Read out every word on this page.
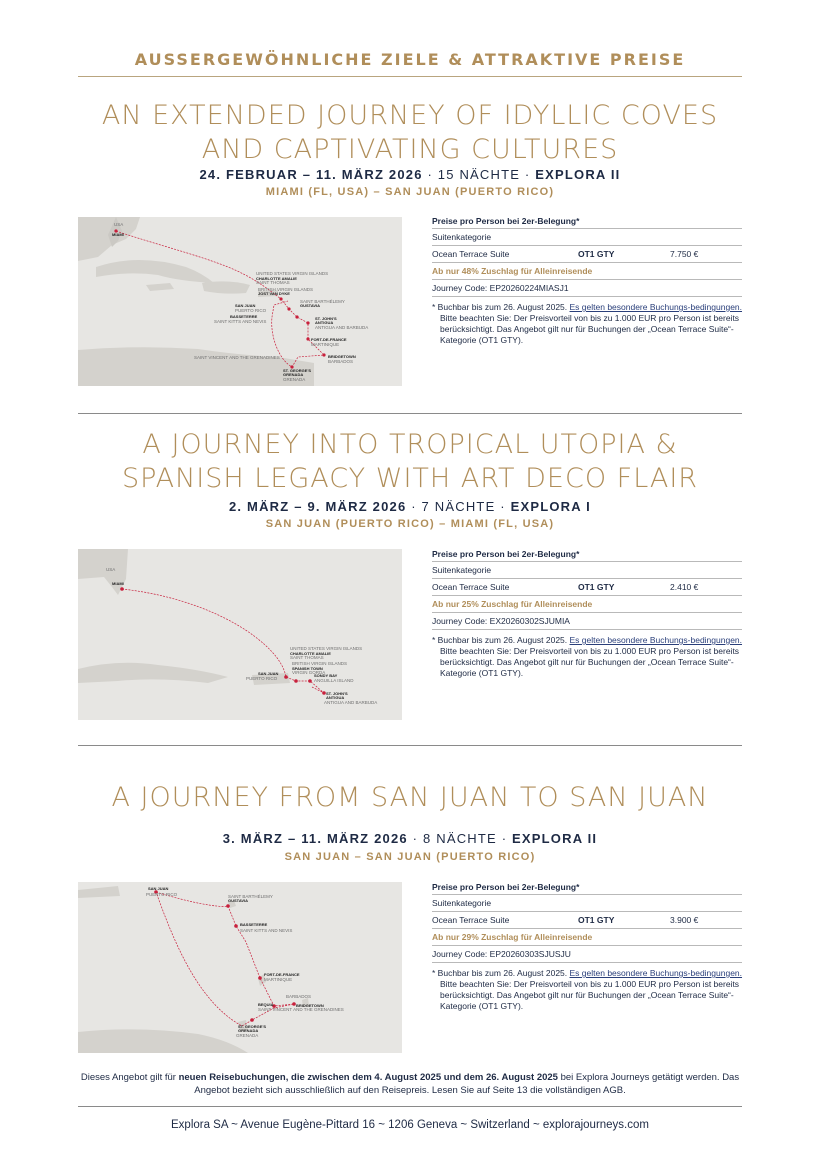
AUSSERGEWÖHNLICHE ZIELE & ATTRAKTIVE PREISE
AN EXTENDED JOURNEY OF IDYLLIC COVES
AND CAPTIVATING CULTURES
24. FEBRUAR – 11. MÄRZ 2026 · 15 NÄCHTE · EXPLORA II
MIAMI (FL, USA) – SAN JUAN (PUERTO RICO)
USA
MIAMI
UNITED STATES VIRGIN ISLANDS
CHARLOTTE AMALIE
SAINT THOMAS
BRITISH VIRGIN ISLANDS
JOST VAN DYKE
SAINT BARTHÉLEMY
GUSTAVIA
SAN JUAN
PUERTO RICO
BASSETERRE
SAINT KITTS AND NEVIS
ST. JOHN'S
ANTIGUA
ANTIGUA AND BARBUDA
FORT-DE-FRANCE
MARTINIQUE
BRIDGETOWN
BARBADOS
SAINT VINCENT AND THE GRENADINES
ST. GEORGE'S
GRENADA
GRENADA
Preise pro Person bei 2er-Belegung*
Suitenkategorie
Ocean Terrace Suite	OT1 GTY	7.750 €
Ab nur 48% Zuschlag für Alleinreisende
Journey Code: EP20260224MIASJ1
* Buchbar bis zum 26. August 2025. Es gelten besondere Buchungs-bedingungen. Bitte beachten Sie: Der Preisvorteil von bis zu 1.000 EUR pro Person ist bereits berücksichtigt. Das Angebot gilt nur für Buchungen der „Ocean Terrace Suite“-Kategorie (OT1 GTY).
A JOURNEY INTO TROPICAL UTOPIA &
SPANISH LEGACY WITH ART DECO FLAIR
2. MÄRZ – 9. MÄRZ 2026 · 7 NÄCHTE · EXPLORA I
SAN JUAN (PUERTO RICO) – MIAMI (FL, USA)
USA
MIAMI
UNITED STATES VIRGIN ISLANDS
CHARLOTTE AMALIE
SAINT THOMAS
BRITISH VIRGIN ISLANDS
SPANISH TOWN
VIRGIN GORDA
SAN JUAN
PUERTO RICO
SONDY BAY
ANGUILLA ISLAND
ST. JOHN'S
ANTIGUA
ANTIGUA AND BARBUDA
Preise pro Person bei 2er-Belegung*
Suitenkategorie
Ocean Terrace Suite	OT1 GTY	2.410 €
Ab nur 25% Zuschlag für Alleinreisende
Journey Code: EX20260302SJUMIA
* Buchbar bis zum 26. August 2025. Es gelten besondere Buchungs-bedingungen. Bitte beachten Sie: Der Preisvorteil von bis zu 1.000 EUR pro Person ist bereits berücksichtigt. Das Angebot gilt nur für Buchungen der „Ocean Terrace Suite“-Kategorie (OT1 GTY).
A JOURNEY FROM SAN JUAN TO SAN JUAN
3. MÄRZ – 11. MÄRZ 2026 · 8 NÄCHTE · EXPLORA II
SAN JUAN – SAN JUAN (PUERTO RICO)
SAN JUAN
PUERTO RICO	SAINT BARTHÉLEMY
GUSTAVIA
BASSETERRE
SAINT KITTS AND NEVIS
FORT-DE-FRANCE
MARTINIQUE
BARBADOS
BRIDGETOWN
BEQUIA
SAINT VINCENT AND THE GRENADINES
ST. GEORGE'S
GRENADA
GRENADA
Preise pro Person bei 2er-Belegung*
Suitenkategorie
Ocean Terrace Suite	OT1 GTY	3.900 €
Ab nur 29% Zuschlag für Alleinreisende
Journey Code: EP20260303SJUSJU
* Buchbar bis zum 26. August 2025. Es gelten besondere Buchungs-bedingungen. Bitte beachten Sie: Der Preisvorteil von bis zu 1.000 EUR pro Person ist bereits berücksichtigt. Das Angebot gilt nur für Buchungen der „Ocean Terrace Suite“-Kategorie (OT1 GTY).
Dieses Angebot gilt für neuen Reisebuchungen, die zwischen dem 4. August 2025 und dem 26. August 2025 bei Explora Journeys getätigt werden. Das Angebot bezieht sich ausschließlich auf den Reisepreis. Lesen Sie auf Seite 13 die vollständigen AGB.
Explora SA ~ Avenue Eugène-Pittard 16 ~ 1206 Geneva ~ Switzerland ~ explorajourneys.com
